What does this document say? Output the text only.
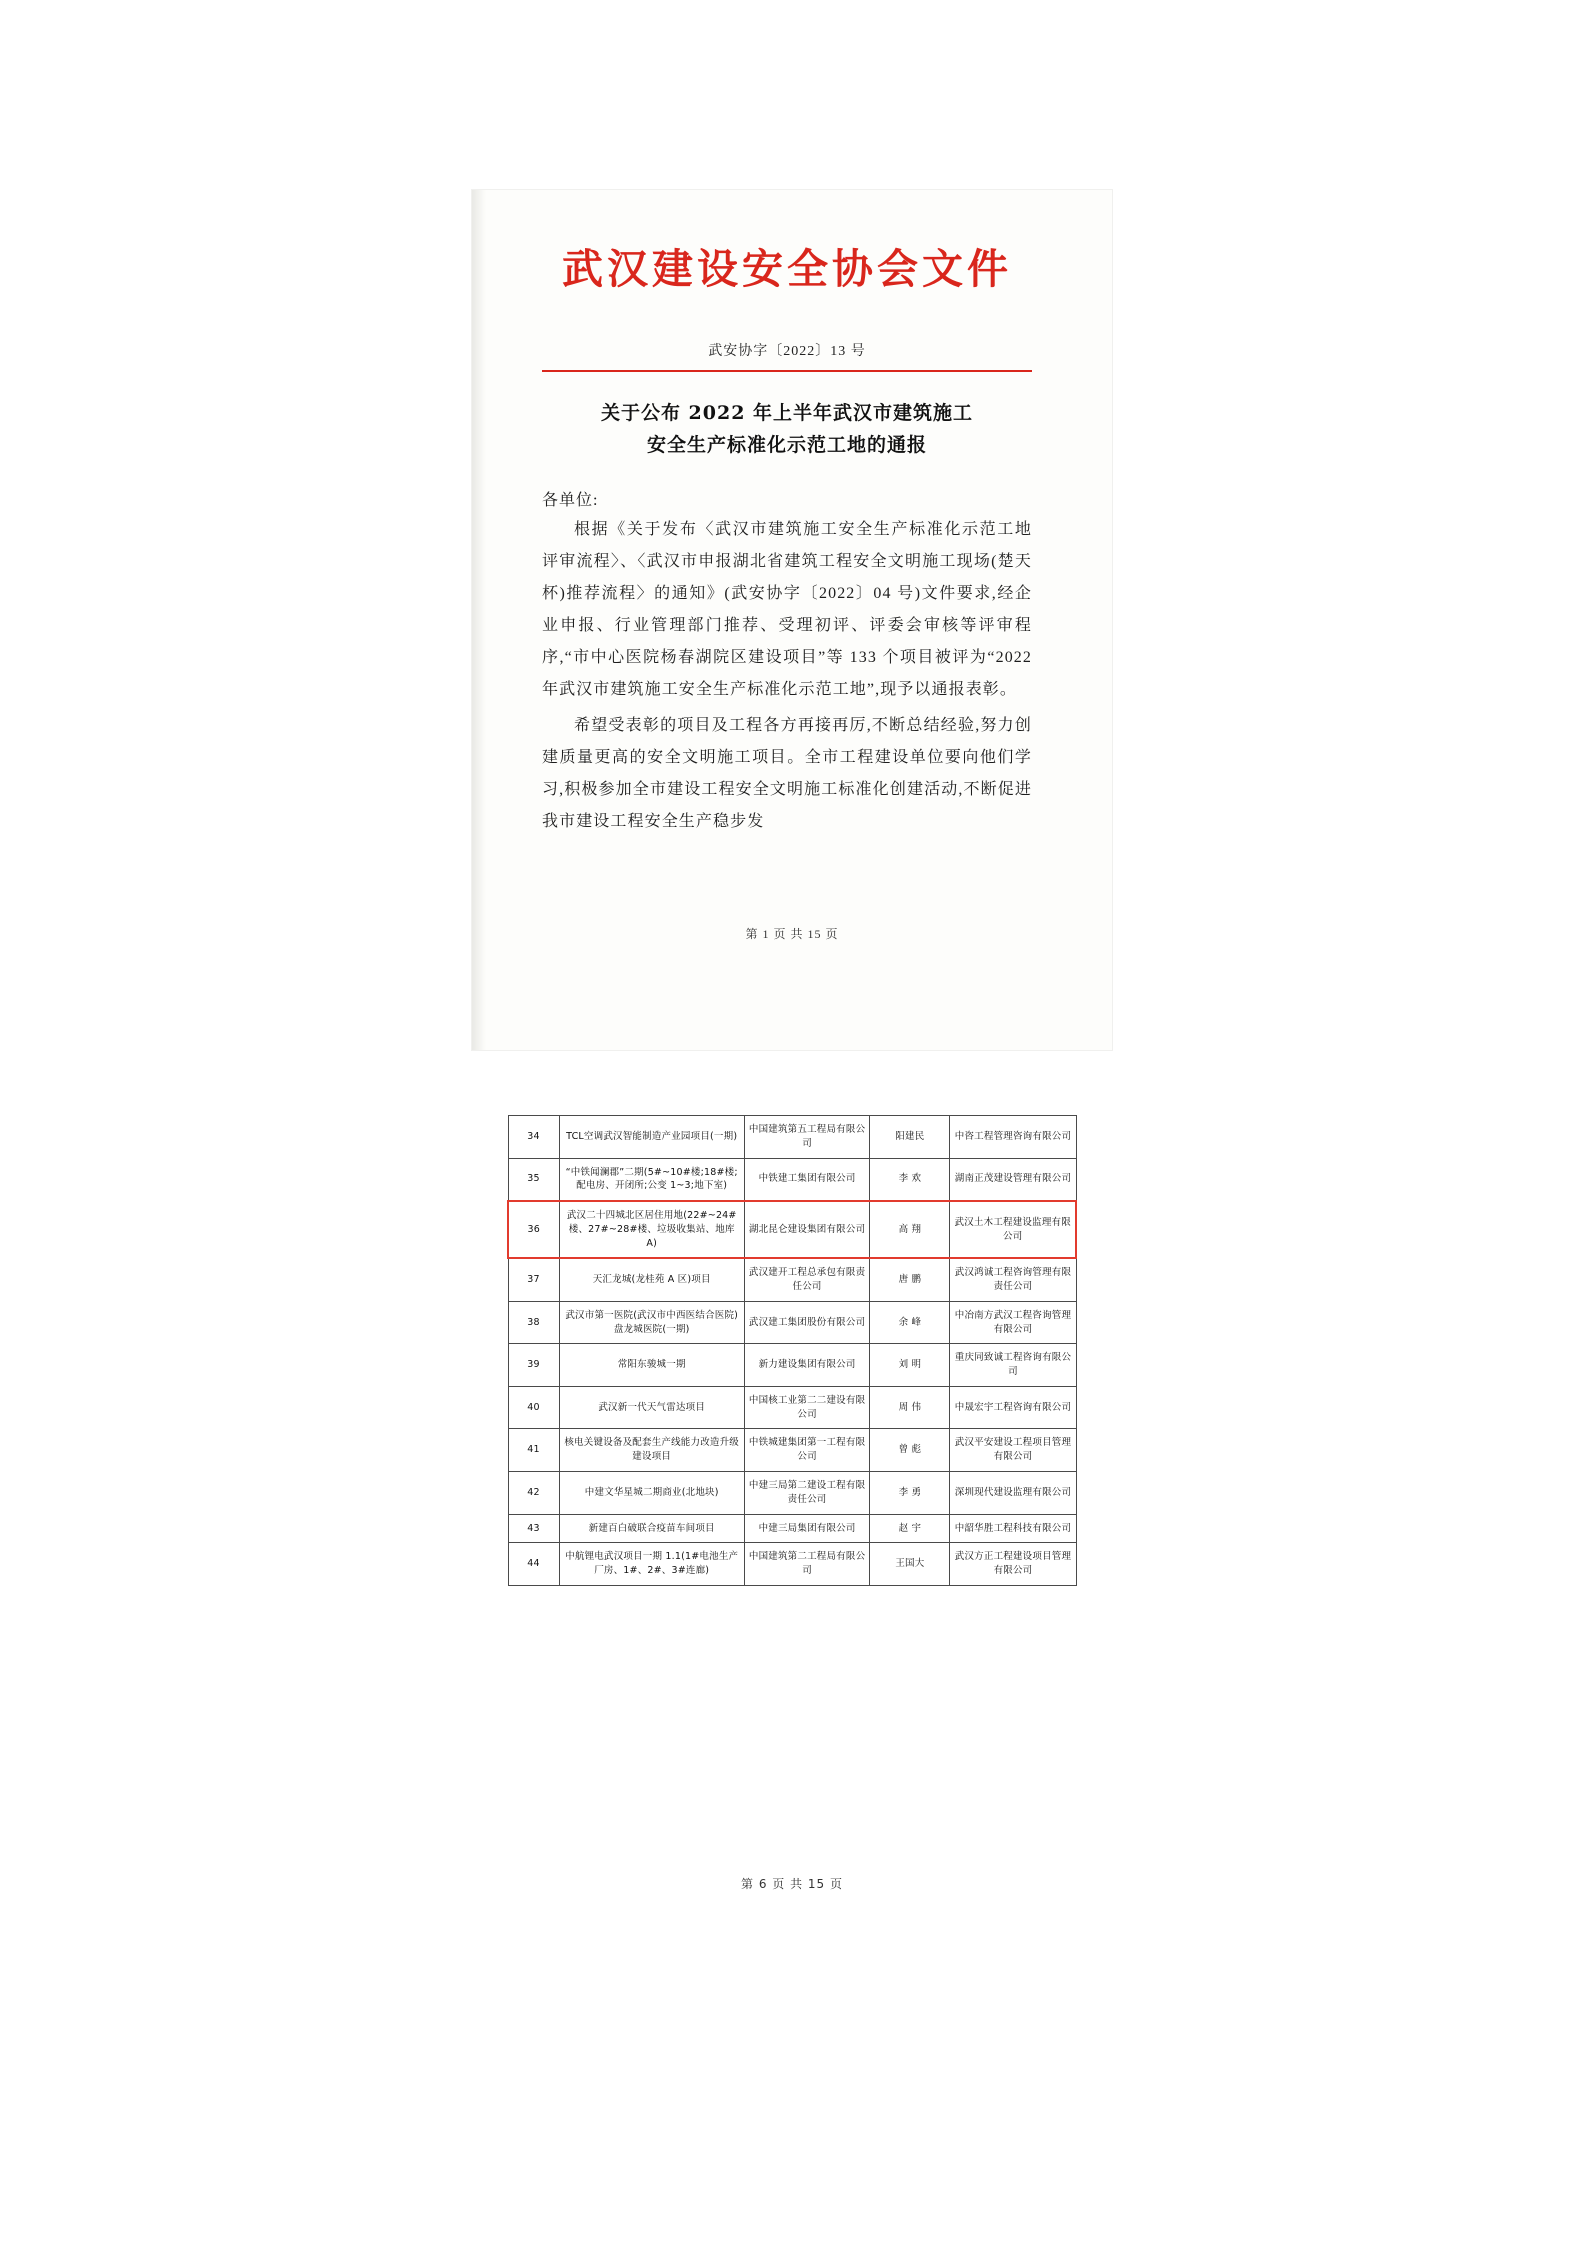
武汉建设安全协会文件
武安协字〔2022〕13 号
关于公布 2022 年上半年武汉市建筑施工
安全生产标准化示范工地的通报
各单位:

根据《关于发布〈武汉市建筑施工安全生产标准化示范工地评审流程〉、〈武汉市申报湖北省建筑工程安全文明施工现场(楚天杯)推荐流程〉的通知》(武安协字〔2022〕04 号)文件要求,经企业申报、行业管理部门推荐、受理初评、评委会审核等评审程序,“市中心医院杨春湖院区建设项目”等 133 个项目被评为“2022 年武汉市建筑施工安全生产标准化示范工地”,现予以通报表彰。

希望受表彰的项目及工程各方再接再厉,不断总结经验,努力创建质量更高的安全文明施工项目。全市工程建设单位要向他们学习,积极参加全市建设工程安全文明施工标准化创建活动,不断促进我市建设工程安全生产稳步发

第 1 页 共 15 页
34	TCL空调武汉智能制造产业园项目(一期)	中国建筑第五工程局有限公司	阳建民	中咨工程管理咨询有限公司
35	“中铁闻澜郡”二期(5#~10#楼;18#楼;配电房、开闭所;公变 1~3;地下室)	中铁建工集团有限公司	李 欢	湖南正茂建设管理有限公司
36	武汉二十四城北区居住用地(22#~24#楼、27#~28#楼、垃圾收集站、地库 A)	湖北昆仑建设集团有限公司	高 翔	武汉土木工程建设监理有限公司
37	天汇龙城(龙桂苑 A 区)项目	武汉建开工程总承包有限责任公司	唐 鹏	武汉鸿诚工程咨询管理有限责任公司
38	武汉市第一医院(武汉市中西医结合医院)盘龙城医院(一期)	武汉建工集团股份有限公司	余 峰	中冶南方武汉工程咨询管理有限公司
39	常阳东骏城一期	新力建设集团有限公司	刘 明	重庆同致诚工程咨询有限公司
40	武汉新一代天气雷达项目	中国核工业第二二建设有限公司	周 伟	中晟宏宇工程咨询有限公司
41	核电关键设备及配套生产线能力改造升级建设项目	中铁城建集团第一工程有限公司	曾 彪	武汉平安建设工程项目管理有限公司
42	中建文华星城二期商业(北地块)	中建三局第二建设工程有限责任公司	李 勇	深圳现代建设监理有限公司
43	新建百白破联合疫苗车间项目	中建三局集团有限公司	赵 宇	中韶华胜工程科技有限公司
44	中航锂电武汉项目一期 1.1(1#电池生产厂房、1#、2#、3#连廊)	中国建筑第二工程局有限公司	王国大	武汉方正工程建设项目管理有限公司
第 6 页 共 15 页
